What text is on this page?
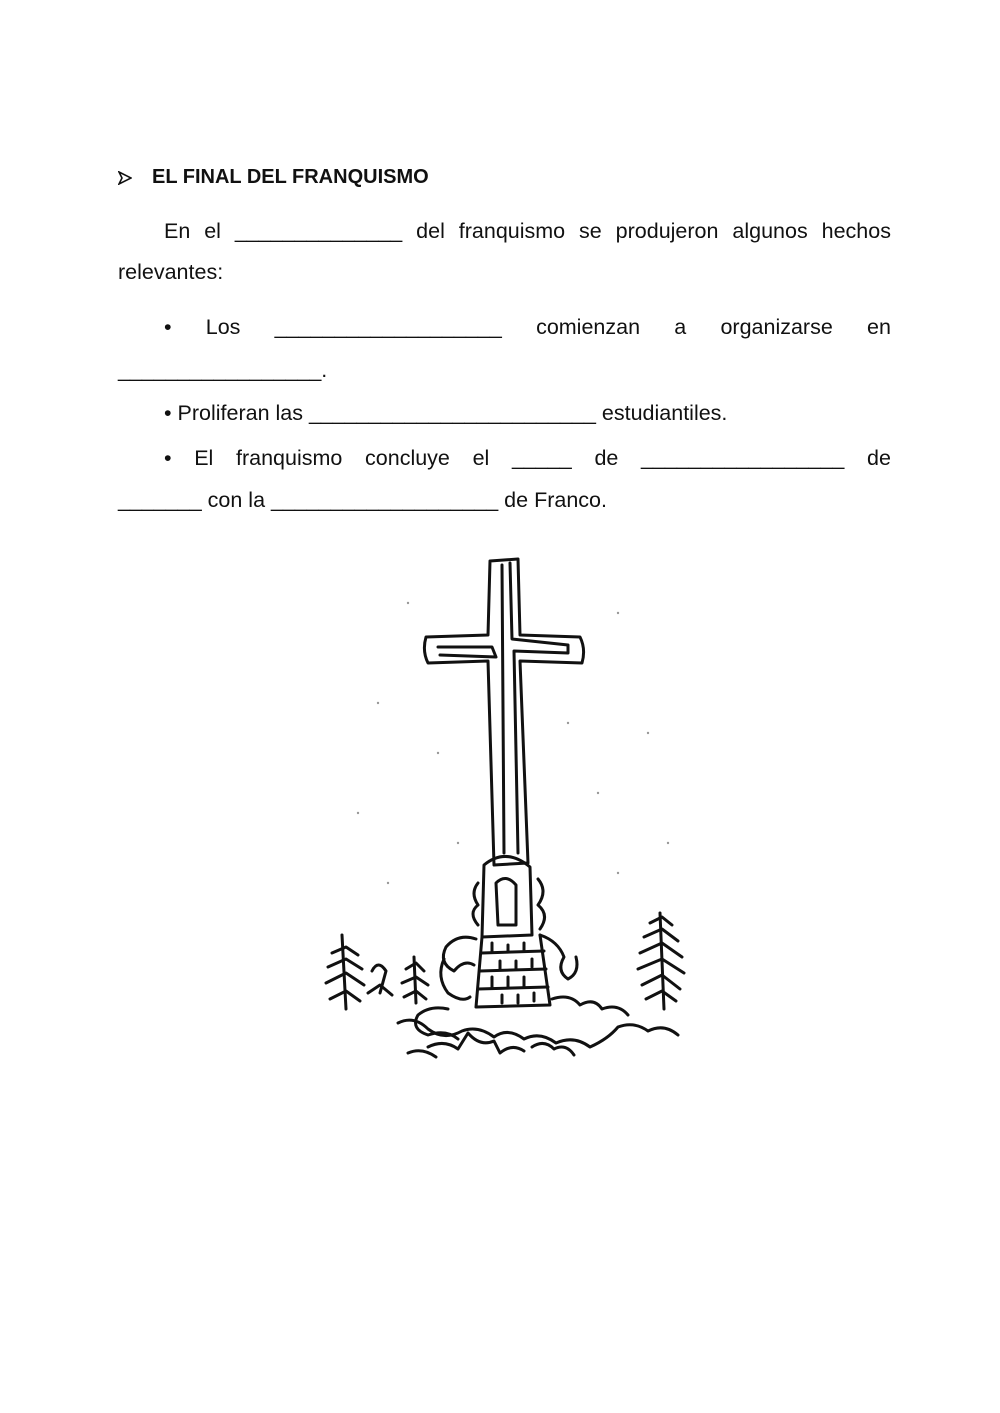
EL FINAL DEL FRANQUISMO
En el ______________ del franquismo se produjeron algunos hechos
relevantes:
• Los ___________________ comienzan a organizarse en
_________________.
• Proliferan las ________________________ estudiantiles.
• El franquismo concluye el _____ de _________________ de
_______ con la ___________________ de Franco.
